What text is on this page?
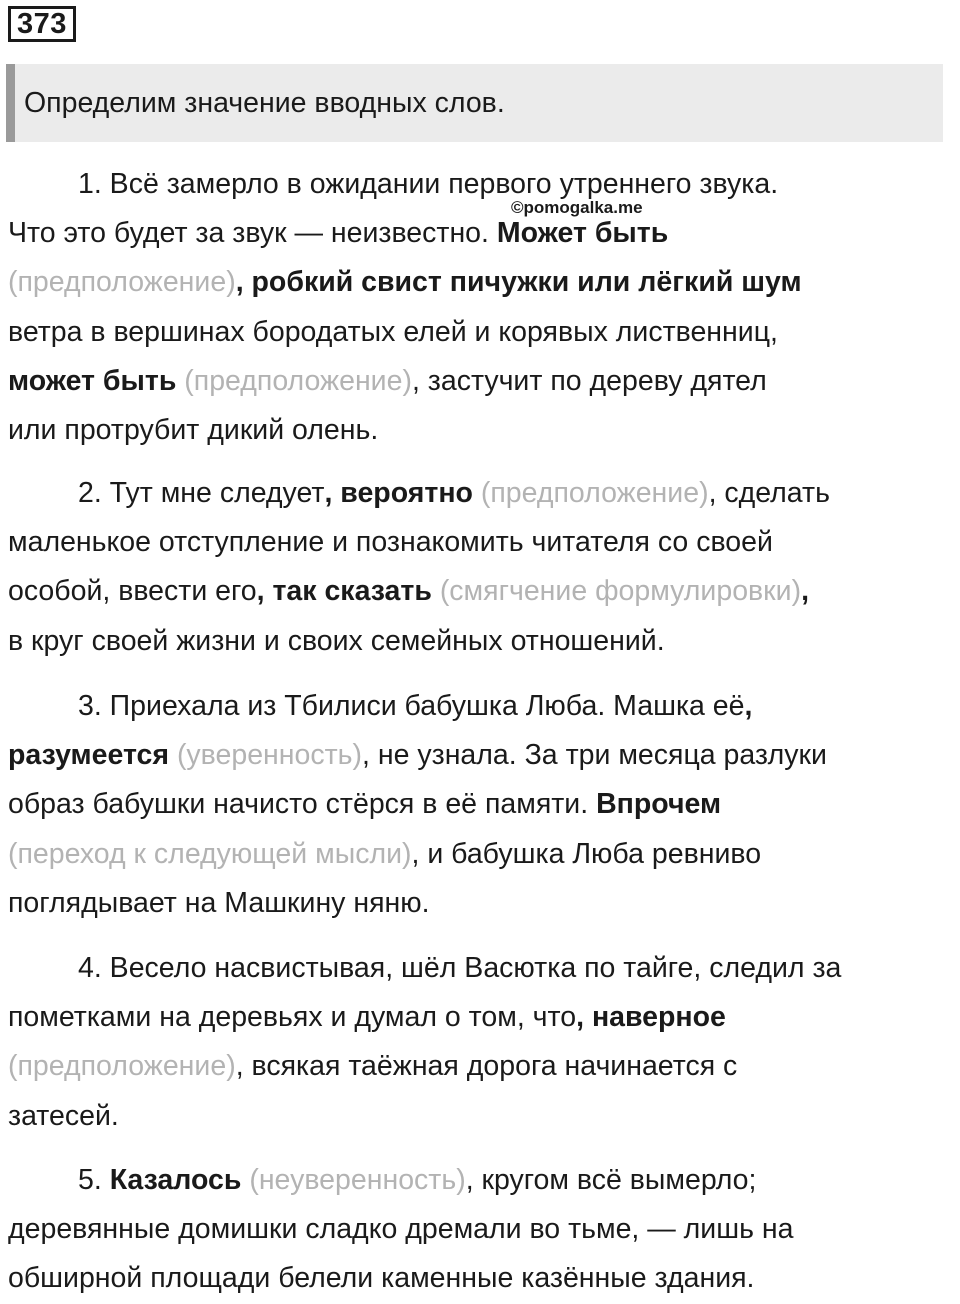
373
Определим значение вводных слов.
©pomogalka.me
1. Всё замерло в ожидании первого утреннего звука.
Что это будет за звук — неизвестно. Может быть
(предположение), робкий свист пичужки или лёгкий шум
ветра в вершинах бородатых елей и корявых лиственниц,
может быть (предположение), застучит по дереву дятел
или протрубит дикий олень.
2. Тут мне следует, вероятно (предположение), сделать
маленькое отступление и познакомить читателя со своей
особой, ввести его, так сказать (смягчение формулировки),
в круг своей жизни и своих семейных отношений.
3. Приехала из Тбилиси бабушка Люба. Машка её,
разумеется (уверенность), не узнала. За три месяца разлуки
образ бабушки начисто стёрся в её памяти. Впрочем
(переход к следующей мысли), и бабушка Люба ревниво
поглядывает на Машкину няню.
4. Весело насвистывая, шёл Васютка по тайге, следил за
пометками на деревьях и думал о том, что, наверное
(предположение), всякая таёжная дорога начинается с
затесей.
5. Казалось (неуверенность), кругом всё вымерло;
деревянные домишки сладко дремали во тьме, — лишь на
обширной площади белели каменные казённые здания.
